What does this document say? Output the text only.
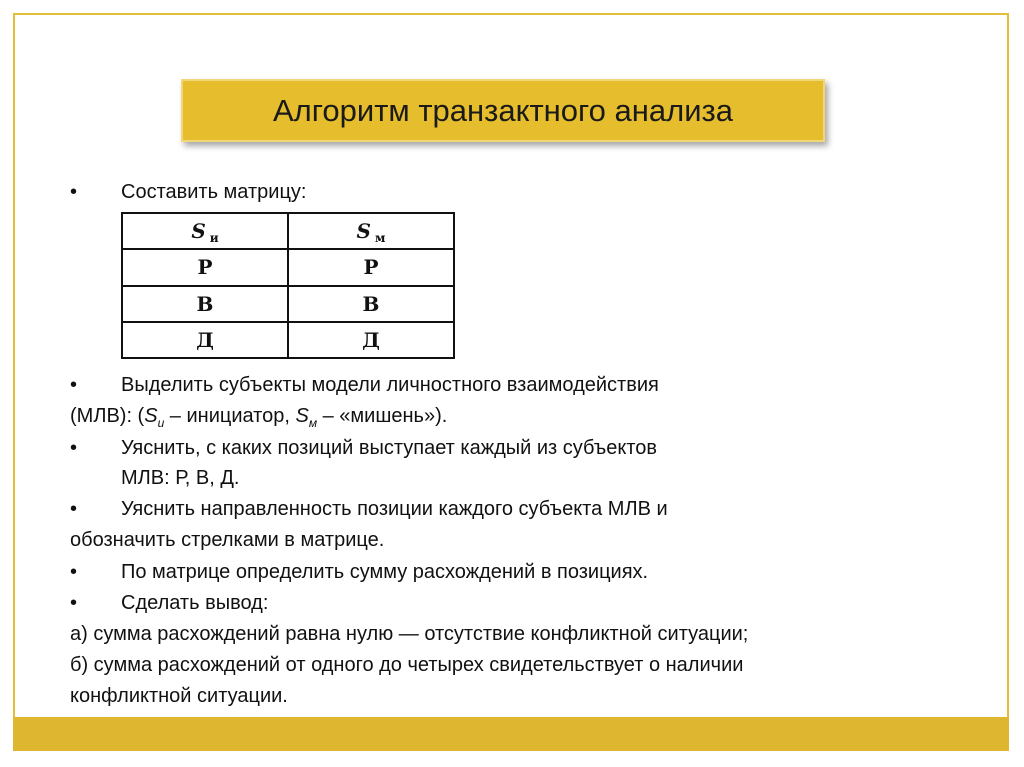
Алгоритм транзактного анализа
• Составить матрицу:
S $_и$	S $_м$
Р	Р
В	В
Д	Д
• Выделить субъекты модели личностного взаимодействия
(МЛВ): ($S_и$ – инициатор, $S_м$ – «мишень»).
• Уяснить, с каких позиций выступает каждый из субъектов
МЛВ: Р, В, Д.
• Уяснить направленность позиции каждого субъекта МЛВ и
обозначить стрелками в матрице.
• По матрице определить сумму расхождений в позициях.
• Сделать вывод:
а) сумма расхождений равна нулю — отсутствие конфликтной ситуации;
б) сумма расхождений от одного до четырех свидетельствует о наличии
конфликтной ситуации.
